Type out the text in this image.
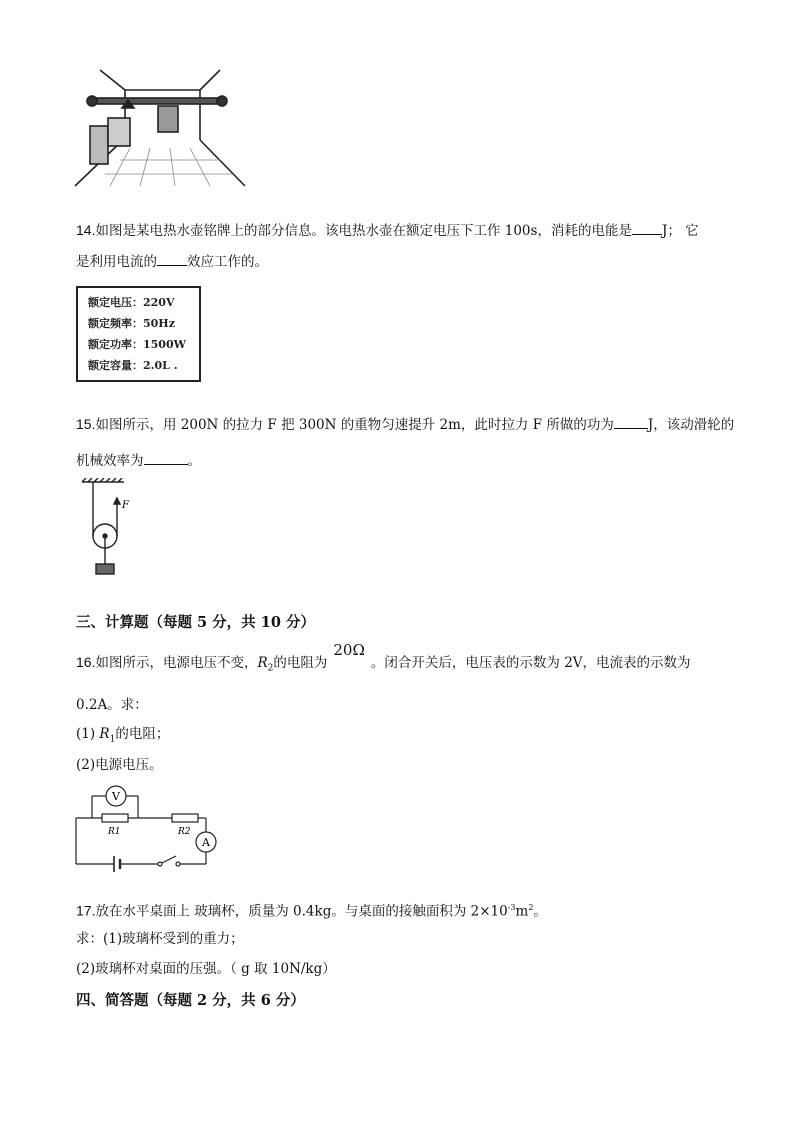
14.如图是某电热水壶铭牌上的部分信息。该电热水壶在额定电压下工作 100s，消耗的电能是 J； 它
是利用电流的 效应工作的。
额定电压：220V
额定频率：50Hz
额定功率：1500W
额定容量：2.0L .
15.如图所示，用 200N 的拉力 F 把 300N 的重物匀速提升 2m，此时拉力 F 所做的功为	J，该动滑轮的
机械效率为	。
F
三、计算题（每题 5 分，共 10 分）
16.如图所示，电源电压不变，$R_2$的电阻为20Ω。闭合开关后，电压表的示数为 2V，电流表的示数为
0.2A。求：
(1) $R_1$的电阻；
(2)电源电压。
V
A
R1	R2
17.放在水平桌面上 玻璃杯，质量为 0.4kg。与桌面的接触面积为 $2\times 10^{-3}m^2$。
求：(1)玻璃杯受到的重力；
(2)玻璃杯对桌面的压强。（ g 取 10N/kg）
四、简答题（每题 2 分，共 6 分）
